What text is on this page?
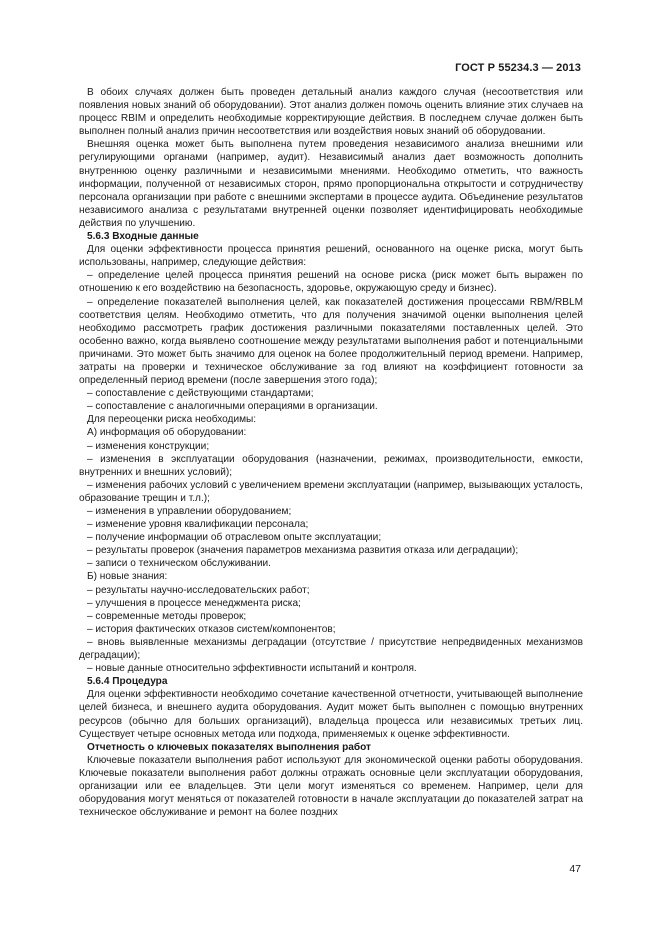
ГОСТ Р 55234.3 — 2013

В обоих случаях должен быть проведен детальный анализ каждого случая (несоответствия или появления новых знаний об оборудовании). Этот анализ должен помочь оценить влияние этих случаев на процесс RBIM и определить необходимые корректирующие действия. В последнем случае должен быть выполнен полный анализ причин несоответствия или воздействия новых знаний об оборудовании.

Внешняя оценка может быть выполнена путем проведения независимого анализа внешними или регулирующими органами (например, аудит). Независимый анализ дает возможность дополнить внутреннюю оценку различными и независимыми мнениями. Необходимо отметить, что важность информации, полученной от независимых сторон, прямо пропорциональна открытости и сотрудничеству персонала организации при работе с внешними экспертами в процессе аудита. Объединение результатов независимого анализа с результатами внутренней оценки позволяет идентифицировать необходимые действия по улучшению.

5.6.3 Входные данные

Для оценки эффективности процесса принятия решений, основанного на оценке риска, могут быть использованы, например, следующие действия:

– определение целей процесса принятия решений на основе риска (риск может быть выражен по отношению к его воздействию на безопасность, здоровье, окружающую среду и бизнес).

– определение показателей выполнения целей, как показателей достижения процессами RBM/RBLM соответствия целям. Необходимо отметить, что для получения значимой оценки выполнения целей необходимо рассмотреть график достижения различными показателями поставленных целей. Это особенно важно, когда выявлено соотношение между результатами выполнения работ и потенциальными причинами. Это может быть значимо для оценок на более продолжительный период времени. Например, затраты на проверки и техническое обслуживание за год влияют на коэффициент готовности за определенный период времени (после завершения этого года);

– сопоставление с действующими стандартами;

– сопоставление с аналогичными операциями в организации.

Для переоценки риска необходимы:

А) информация об оборудовании:

– изменения конструкции;

– изменения в эксплуатации оборудования (назначении, режимах, производительности, емкости, внутренних и внешних условий);

– изменения рабочих условий с увеличением времени эксплуатации (например, вызывающих усталость, образование трещин и т.л.);

– изменения в управлении оборудованием;

– изменение уровня квалификации персонала;

– получение информации об отраслевом опыте эксплуатации;

– результаты проверок (значения параметров механизма развития отказа или деградации);

– записи о техническом обслуживании.

Б) новые знания:

– результаты научно-исследовательских работ;

– улучшения в процессе менеджмента риска;

– современные методы проверок;

– история фактических отказов систем/компонентов;

– вновь выявленные механизмы деградации (отсутствие / присутствие непредвиденных механизмов деградации);

– новые данные относительно эффективности испытаний и контроля.

5.6.4 Процедура

Для оценки эффективности необходимо сочетание качественной отчетности, учитывающей выполнение целей бизнеса, и внешнего аудита оборудования. Аудит может быть выполнен с помощью внутренних ресурсов (обычно для больших организаций), владельца процесса или независимых третьих лиц. Существует четыре основных метода или подхода, применяемых к оценке эффективности.

Отчетность о ключевых показателях выполнения работ

Ключевые показатели выполнения работ используют для экономической оценки работы оборудования. Ключевые показатели выполнения работ должны отражать основные цели эксплуатации оборудования, организации или ее владельцев. Эти цели могут изменяться со временем. Например, цели для оборудования могут меняться от показателей готовности в начале эксплуатации до показателей затрат на техническое обслуживание и ремонт на более поздних

47
